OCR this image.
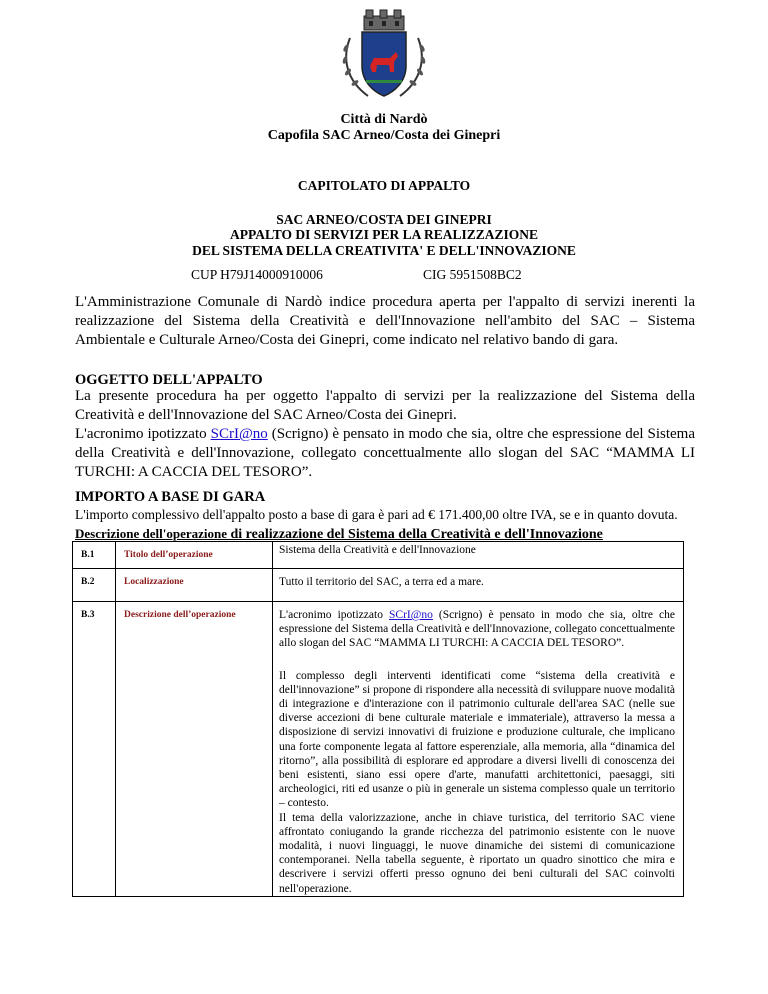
Città di Nardò
Capofila SAC Arneo/Costa dei Ginepri
CAPITOLATO DI APPALTO
SAC ARNEO/COSTA DEI GINEPRI
APPALTO DI SERVIZI PER LA REALIZZAZIONE
DEL SISTEMA DELLA CREATIVITA' E DELL'INNOVAZIONE
CUP H79J14000910006	CIG 5951508BC2
L'Amministrazione Comunale di Nardò indice procedura aperta per l'appalto di servizi inerenti la realizzazione del Sistema della Creatività e dell'Innovazione nell'ambito del SAC – Sistema Ambientale e Culturale Arneo/Costa dei Ginepri, come indicato nel relativo bando di gara.
OGGETTO DELL'APPALTO
La presente procedura ha per oggetto l'appalto di servizi per la realizzazione del Sistema della Creatività e dell'Innovazione del SAC Arneo/Costa dei Ginepri.
L'acronimo ipotizzato SCrI@no (Scrigno) è pensato in modo che sia, oltre che espressione del Sistema della Creatività e dell'Innovazione, collegato concettualmente allo slogan del SAC “MAMMA LI TURCHI: A CACCIA DEL TESORO”.
IMPORTO A BASE DI GARA
L'importo complessivo dell'appalto posto a base di gara è pari ad € 171.400,00 oltre IVA, se e in quanto dovuta.
Descrizione dell'operazione di realizzazione del Sistema della Creatività e dell'Innovazione
B.1	Titolo dell’operazione	Sistema della Creatività e dell'Innovazione
B.2	Localizzazione	Tutto il territorio del SAC, a terra ed a mare.
B.3	Descrizione dell’operazione	L'acronimo ipotizzato SCrI@no (Scrigno) è pensato in modo che sia, oltre che espressione del Sistema della Creatività e dell'Innovazione, collegato concettualmente allo slogan del SAC “MAMMA LI TURCHI: A CACCIA DEL TESORO”.

Il complesso degli interventi identificati come “sistema della creatività e dell'innovazione” si propone di rispondere alla necessità di sviluppare nuove modalità di integrazione e d'interazione con il patrimonio culturale dell'area SAC (nelle sue diverse accezioni di bene culturale materiale e immateriale), attraverso la messa a disposizione di servizi innovativi di fruizione e produzione culturale, che implicano una forte componente legata al fattore esperenziale, alla memoria, alla “dinamica del ritorno”, alla possibilità di esplorare ed approdare a diversi livelli di conoscenza dei beni esistenti, siano essi opere d'arte, manufatti architettonici, paesaggi, siti archeologici, riti ed usanze o più in generale un sistema complesso quale un territorio – contesto.

Il tema della valorizzazione, anche in chiave turistica, del territorio SAC viene affrontato coniugando la grande ricchezza del patrimonio esistente con le nuove modalità, i nuovi linguaggi, le nuove dinamiche dei sistemi di comunicazione contemporanei. Nella tabella seguente, è riportato un quadro sinottico che mira e descrivere i servizi offerti presso ognuno dei beni culturali del SAC coinvolti nell'operazione.
